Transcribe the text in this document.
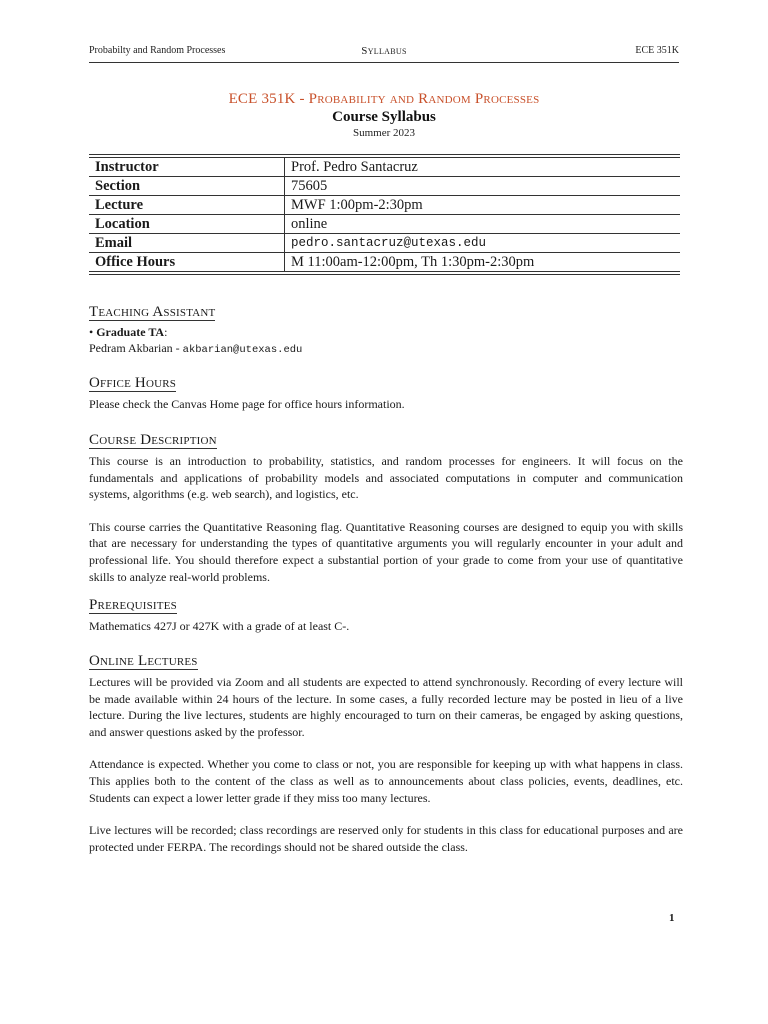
Probabilty and Random Processes	Syllabus	ECE 351K
ECE 351K - Probability and Random Processes
Course Syllabus
Summer 2023
Instructor	Prof. Pedro Santacruz
Section	75605
Lecture	MWF 1:00pm-2:30pm
Location	online
Email	pedro.santacruz@utexas.edu
Office Hours	M 11:00am-12:00pm, Th 1:30pm-2:30pm
Teaching Assistant
• Graduate TA:
Pedram Akbarian - akbarian@utexas.edu
Office Hours

Please check the Canvas Home page for office hours information.

Course Description

This course is an introduction to probability, statistics, and random processes for engineers. It will focus on the fundamentals and applications of probability models and associated computations in computer and communication systems, algorithms (e.g. web search), and logistics, etc.

This course carries the Quantitative Reasoning flag. Quantitative Reasoning courses are designed to equip you with skills that are necessary for understanding the types of quantitative arguments you will regularly encounter in your adult and professional life. You should therefore expect a substantial portion of your grade to come from your use of quantitative skills to analyze real-world problems.

Prerequisites

Mathematics 427J or 427K with a grade of at least C-.

Online Lectures

Lectures will be provided via Zoom and all students are expected to attend synchronously. Recording of every lecture will be made available within 24 hours of the lecture. In some cases, a fully recorded lecture may be posted in lieu of a live lecture. During the live lectures, students are highly encouraged to turn on their cameras, be engaged by asking questions, and answer questions asked by the professor.

Attendance is expected. Whether you come to class or not, you are responsible for keeping up with what happens in class. This applies both to the content of the class as well as to announcements about class policies, events, deadlines, etc. Students can expect a lower letter grade if they miss too many lectures.

Live lectures will be recorded; class recordings are reserved only for students in this class for educational purposes and are protected under FERPA. The recordings should not be shared outside the class.

1
